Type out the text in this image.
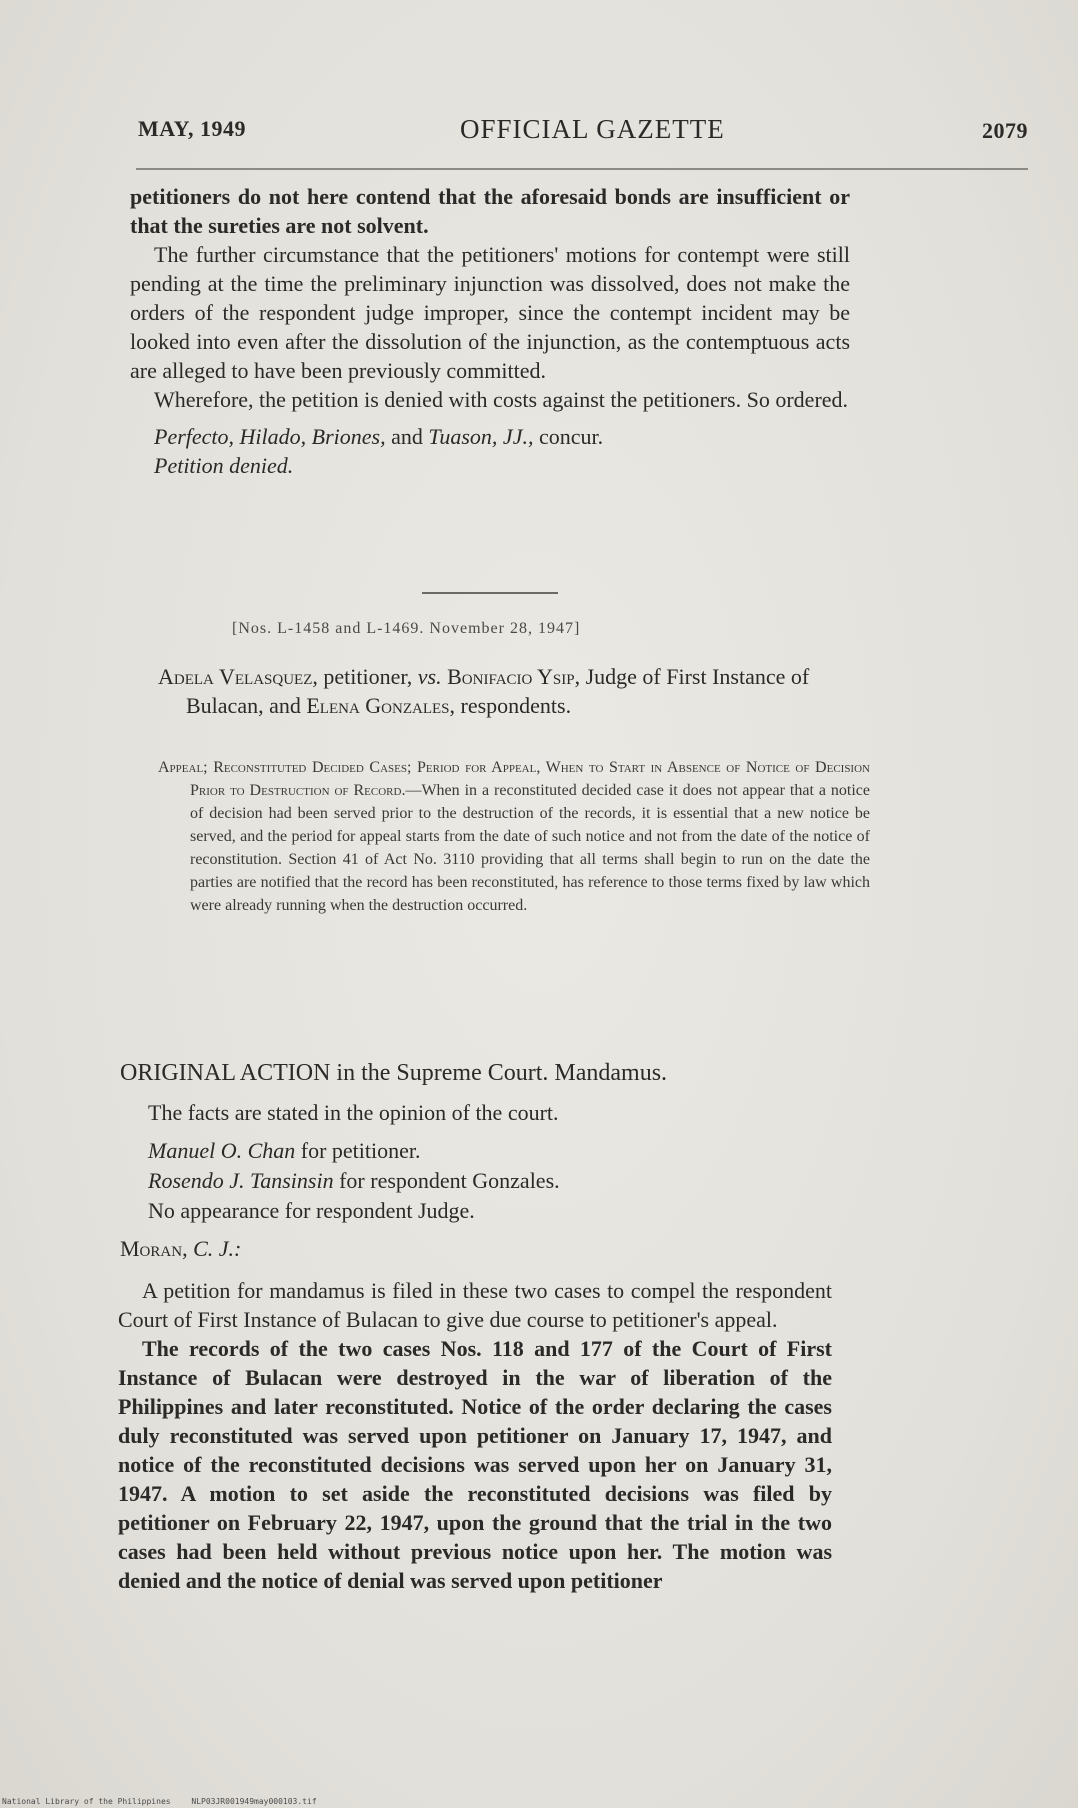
MAY, 1949	OFFICIAL GAZETTE	2079

petitioners do not here contend that the aforesaid bonds are insufficient or that the sureties are not solvent.

The further circumstance that the petitioners' motions for contempt were still pending at the time the preliminary injunction was dissolved, does not make the orders of the respondent judge improper, since the contempt incident may be looked into even after the dissolution of the injunction, as the contemptuous acts are alleged to have been previously committed.

Wherefore, the petition is denied with costs against the petitioners. So ordered.

Perfecto, Hilado, Briones, and Tuason, JJ., concur.

Petition denied.

[Nos. L-1458 and L-1469. November 28, 1947]
Adela Velasquez, petitioner, vs. Bonifacio Ysip, Judge of First Instance of Bulacan, and Elena Gonzales, respondents.
Appeal; Reconstituted Decided Cases; Period for Appeal, When to Start in Absence of Notice of Decision Prior to Destruction of Record.—When in a reconstituted decided case it does not appear that a notice of decision had been served prior to the destruction of the records, it is essential that a new notice be served, and the period for appeal starts from the date of such notice and not from the date of the notice of reconstitution. Section 41 of Act No. 3110 providing that all terms shall begin to run on the date the parties are notified that the record has been reconstituted, has reference to those terms fixed by law which were already running when the destruction occurred.
ORIGINAL ACTION in the Supreme Court. Mandamus.
The facts are stated in the opinion of the court.

Manuel O. Chan for petitioner.

Rosendo J. Tansinsin for respondent Gonzales.

No appearance for respondent Judge.

Moran, C. J.:

A petition for mandamus is filed in these two cases to compel the respondent Court of First Instance of Bulacan to give due course to petitioner's appeal.

The records of the two cases Nos. 118 and 177 of the Court of First Instance of Bulacan were destroyed in the war of liberation of the Philippines and later reconstituted. Notice of the order declaring the cases duly reconstituted was served upon petitioner on January 17, 1947, and notice of the reconstituted decisions was served upon her on January 31, 1947. A motion to set aside the reconstituted decisions was filed by petitioner on February 22, 1947, upon the ground that the trial in the two cases had been held without previous notice upon her. The motion was denied and the notice of denial was served upon petitioner

National Library of the Philippines	NLP03JR001949may000103.tif
